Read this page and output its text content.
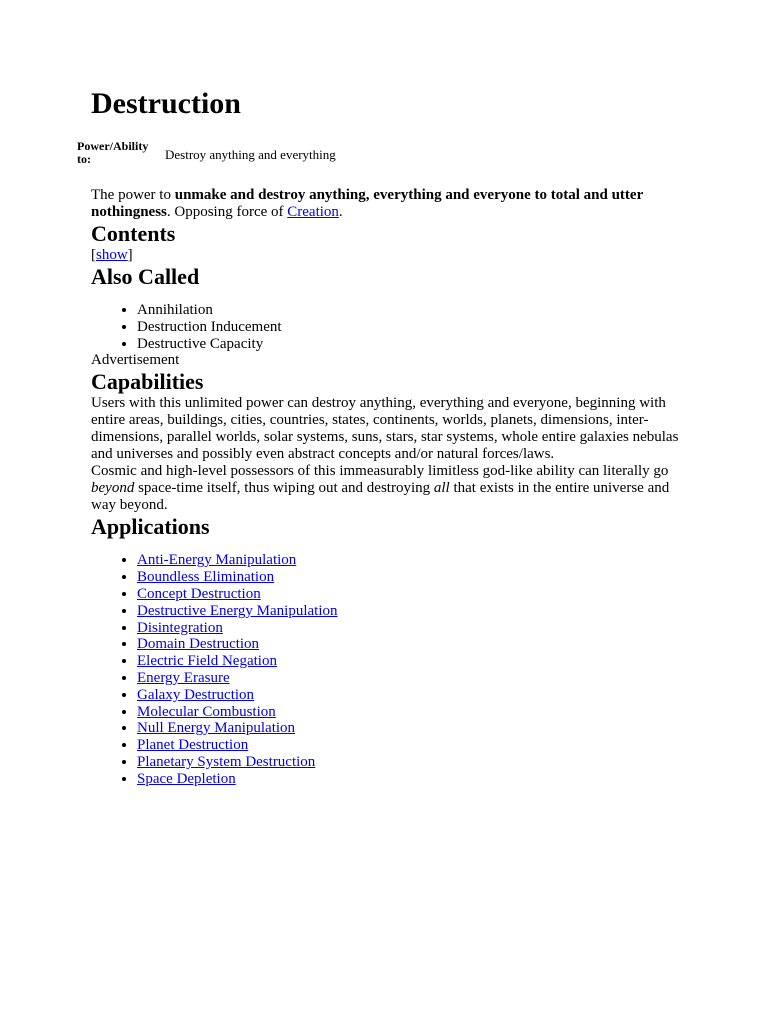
Destruction
Power/Ability to:	Destroy anything and everything

The power to unmake and destroy anything, everything and everyone to total and utter nothingness. Opposing force of Creation.

Contents

[show]

Also Called
• Annihilation
• Destruction Inducement
• Destructive Capacity

Advertisement

Capabilities

Users with this unlimited power can destroy anything, everything and everyone, beginning with entire areas, buildings, cities, countries, states, continents, worlds, planets, dimensions, inter-dimensions, parallel worlds, solar systems, suns, stars, star systems, whole entire galaxies nebulas and universes and possibly even abstract concepts and/or natural forces/laws.

Cosmic and high-level possessors of this immeasurably limitless god-like ability can literally go beyond space-time itself, thus wiping out and destroying all that exists in the entire universe and way beyond.

Applications
• Anti-Energy Manipulation
• Boundless Elimination
• Concept Destruction
• Destructive Energy Manipulation
• Disintegration
• Domain Destruction
• Electric Field Negation
• Energy Erasure
• Galaxy Destruction
• Molecular Combustion
• Null Energy Manipulation
• Planet Destruction
• Planetary System Destruction
• Space Depletion
